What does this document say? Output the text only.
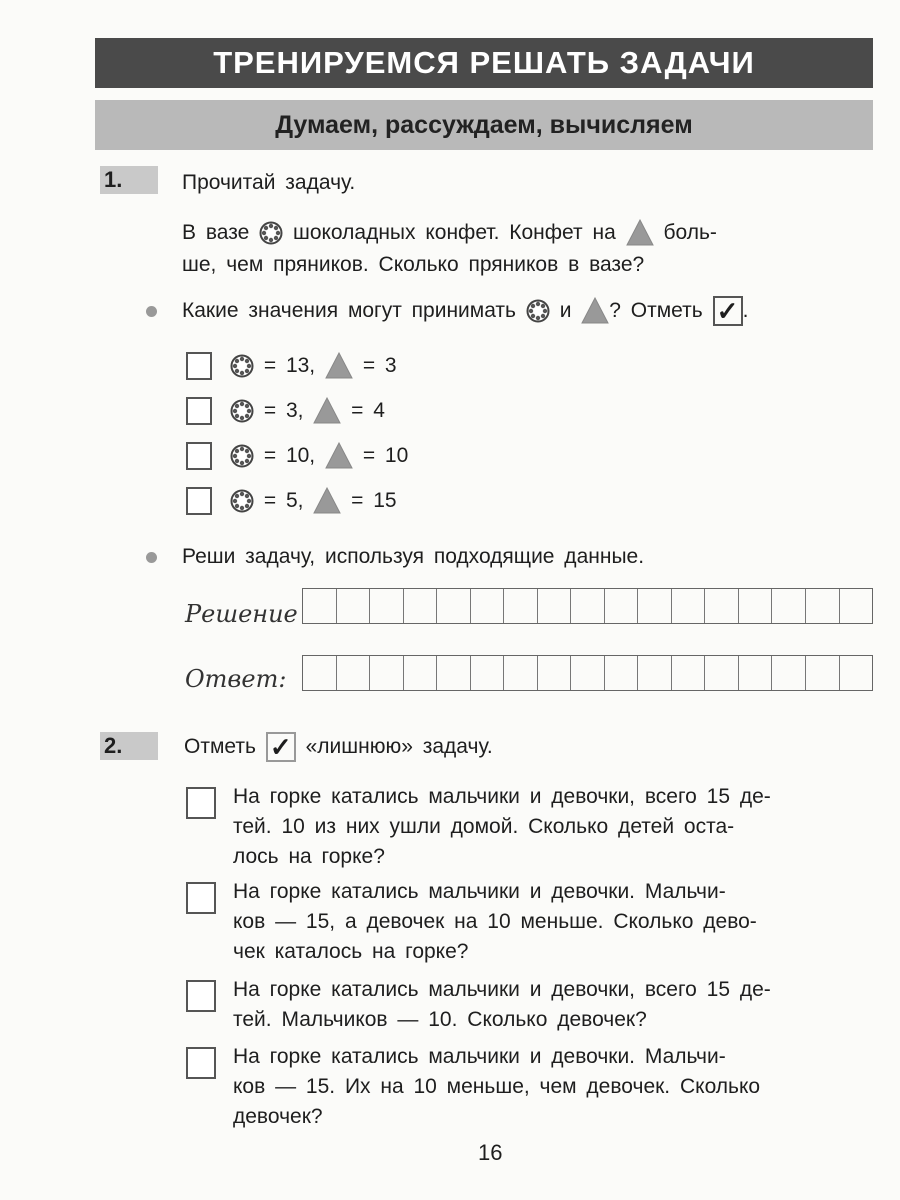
ТРЕНИРУЕМСЯ РЕШАТЬ ЗАДАЧИ
Думаем, рассуждаем, вычисляем
1.	Прочитай задачу.
В вазе шоколадных конфет. Конфет на боль-
ше, чем пряников. Сколько пряников в вазе?
Какие значения могут принимать и ? Отметь ✓ .
= 13, = 3
= 3, = 4
= 10, = 10
= 5, = 15
Реши задачу, используя подходящие данные.
Решение
Ответ:
2.	Отметь ✓ «лишнюю» задачу.
На горке катались мальчики и девочки, всего 15 де-
тей. 10 из них ушли домой. Сколько детей оста-
лось на горке?
На горке катались мальчики и девочки. Мальчи-
ков — 15, а девочек на 10 меньше. Сколько дево-
чек каталось на горке?
На горке катались мальчики и девочки, всего 15 де-
тей. Мальчиков — 10. Сколько девочек?
На горке катались мальчики и девочки. Мальчи-
ков — 15. Их на 10 меньше, чем девочек. Сколько
девочек?
16
